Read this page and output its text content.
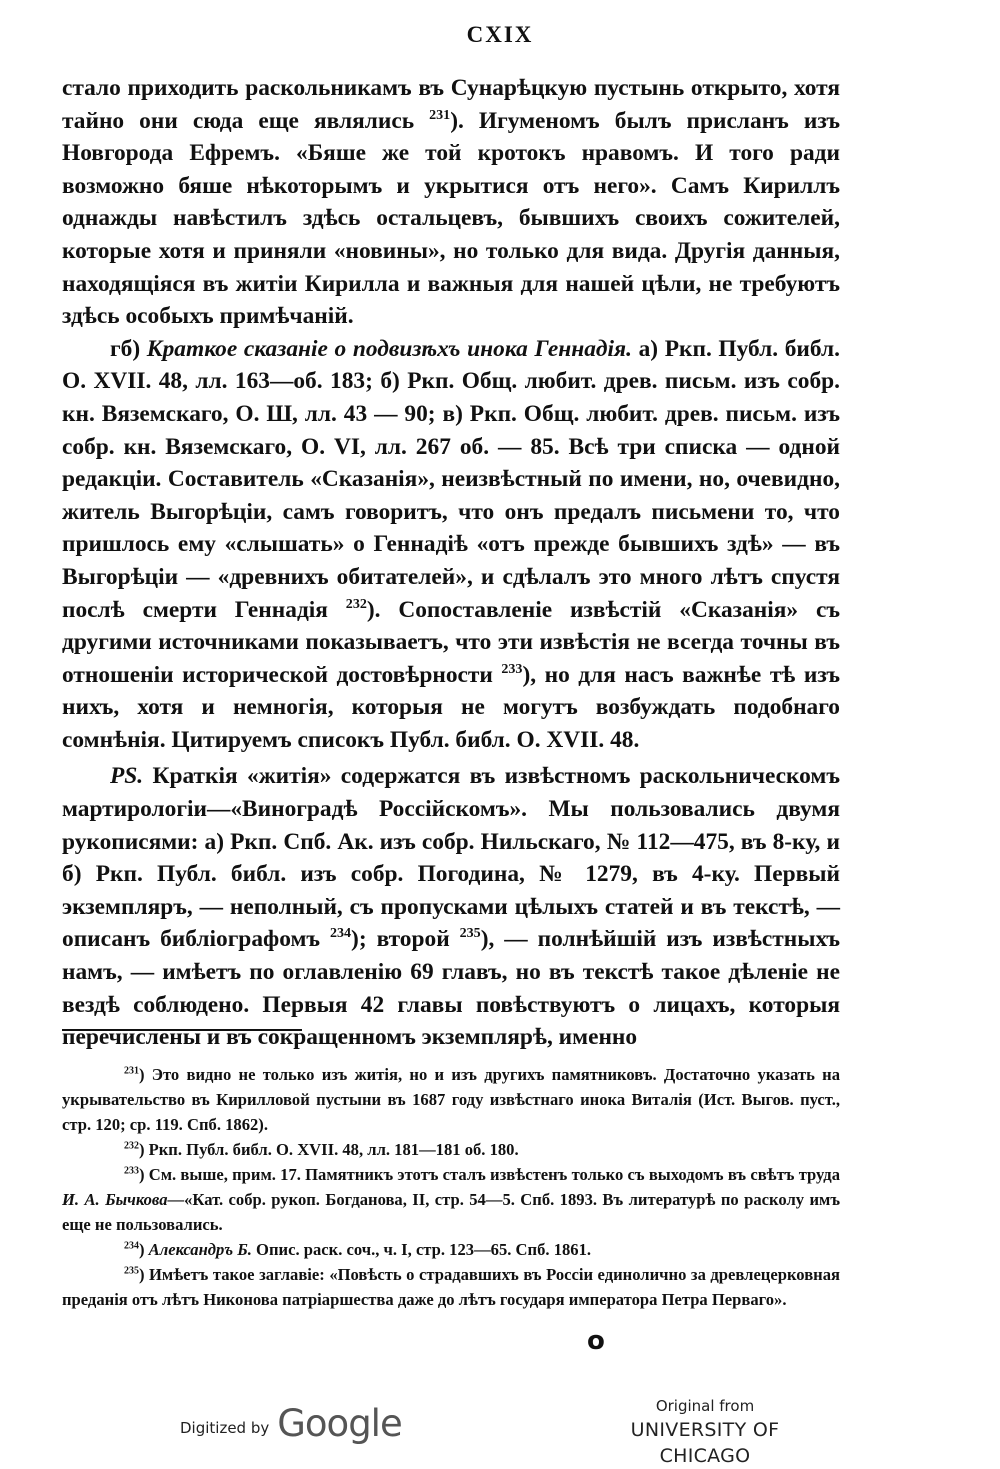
CXIX

стало приходить раскольникамъ въ Сунарѣцкую пустынь открыто, хотя тайно они сюда еще являлись $^{231}$). Игуменомъ былъ присланъ изъ Новгорода Ефремъ. «Бяше же той кротокъ нравомъ. И того ради возможно бяше нѣкоторымъ и укрытися отъ него». Самъ Кириллъ однажды навѣстилъ здѣсь остальцевъ, бывшихъ своихъ сожителей, которые хотя и приняли «новины», но только для вида. Другія данныя, находящіяся въ житіи Кирилла и важныя для нашей цѣли, не требуютъ здѣсь особыхъ примѣчаній.

гб) Краткое сказаніе о подвизѣхъ инока Геннадія. а) Ркп. Публ. библ. О. XVII. 48, лл. 163—об. 183; б) Ркп. Общ. любит. древ. письм. изъ собр. кн. Вяземскаго, О. Ш, лл. 43 — 90; в) Ркп. Общ. любит. древ. письм. изъ собр. кн. Вяземскаго, О. VI, лл. 267 об. — 85. Всѣ три списка — одной редакціи. Составитель «Сказанія», неизвѣстный по имени, но, очевидно, житель Выгорѣціи, самъ говоритъ, что онъ предалъ письмени то, что пришлось ему «слышать» о Геннадіѣ «отъ прежде бывшихъ здѣ» — въ Выгорѣціи — «древнихъ обитателей», и сдѣлалъ это много лѣтъ спустя послѣ смерти Геннадія $^{232}$). Сопоставленіе извѣстій «Сказанія» съ другими источниками показываетъ, что эти извѣстія не всегда точны въ отношеніи исторической достовѣрности $^{233}$), но для насъ важнѣе тѣ изъ нихъ, хотя и немногія, которыя не могутъ возбуждать подобнаго сомнѣнія. Цитируемъ списокъ Публ. библ. О. XVII. 48.

PS. Краткія «житія» содержатся въ извѣстномъ раскольническомъ мартирологіи—«Виноградѣ Россійскомъ». Мы пользовались двумя рукописями: а) Ркп. Спб. Ак. изъ собр. Нильскаго, № 112—475, въ 8-ку, и б) Ркп. Публ. библ. изъ собр. Погодина, № 1279, въ 4-ку. Первый экземпляръ, — неполный, съ пропусками цѣлыхъ статей и въ текстѣ, — описанъ библіографомъ $^{234}$); второй $^{235}$), — полнѣйшій изъ извѣстныхъ намъ, — имѣетъ по оглавленію 69 главъ, но въ текстѣ такое дѣленіе не вездѣ соблюдено. Первыя 42 главы повѣствуютъ о лицахъ, которыя перечислены и въ сокращенномъ экземплярѣ, именно

$^{231}$) Это видно не только изъ житія, но и изъ другихъ памятниковъ. Достаточно указать на укрывательство въ Кирилловой пустыни въ 1687 году извѣстнаго инока Виталія (Ист. Выгов. пуст., стр. 120; ср. 119. Спб. 1862).

$^{232}$) Ркп. Публ. библ. О. XVII. 48, лл. 181—181 об. 180.

$^{233}$) См. выше, прим. 17. Памятникъ этотъ сталъ извѣстенъ только съ выходомъ въ свѣтъ труда И. А. Бычкова—«Кат. собр. рукоп. Богданова, II, стр. 54—5. Спб. 1893. Въ литературѣ по расколу имъ еще не пользовались.

$^{234}$) Александръ Б. Опис. раск. соч., ч. I, стр. 123—65. Спб. 1861.

$^{235}$) Имѣетъ такое заглавіе: «Повѣсть о страдавшихъ въ Россіи единолично за древлецерковная преданія отъ лѣтъ Никонова патріаршества даже до лѣтъ государя императора Петра Перваго».

о
Digitized by Google	Original from
UNIVERSITY OF CHICAGO
